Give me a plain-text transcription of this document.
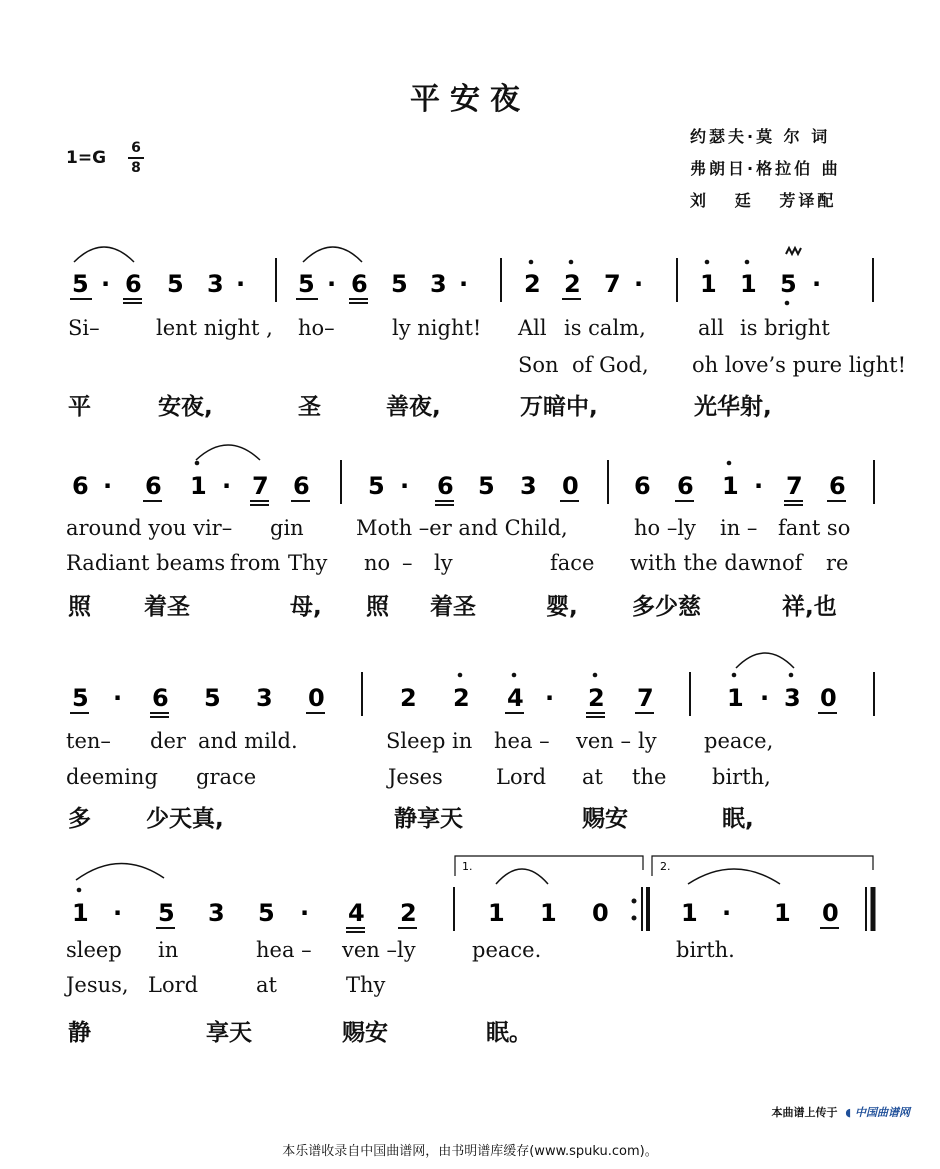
平安夜
1=G 6
8
约瑟夫·莫 尔 词
弗朗日·格拉伯 曲
刘   廷   芳译配
5 · 6 5 3 · 5 · 6 5 3 · 2 2 7 · 1 1 5 ·
6 · 6 1 · 7 6 5 · 6 5 3 0 6 6 1 · 7 6
5 · 6 5 3 0	2 2 4 · 2 7	1 · 3 0
1 · 5 3 5 · 4 2	1 1 0	1 · 1 0
1.	2.
Si–	lent night , ho–	ly night! All is calm, all is bright
Son of God, oh love’s pure light!
平	安夜,	圣	善夜,	万暗中,	光华射,
around you vir– gin Moth –er and Child,	ho –ly in – fant so
Radiant beams from Thy no – ly	face with the dawn of re
照 着圣	母, 照 着圣	婴, 多少慈	祥,也
ten– der and mild.	Sleep in hea – ven – ly peace,
deeming grace	Jeses	Lord at the birth,
多 少天真,	静享天	赐安	眠,
sleep in	hea – ven –ly	peace.	birth.
Jesus, Lord	at	Thy
静	享天	赐安	眠。
本曲谱上传于 ◖ 中国曲谱网
本乐谱收录自中国曲谱网，由书明谱库缓存(www.spuku.com)。
